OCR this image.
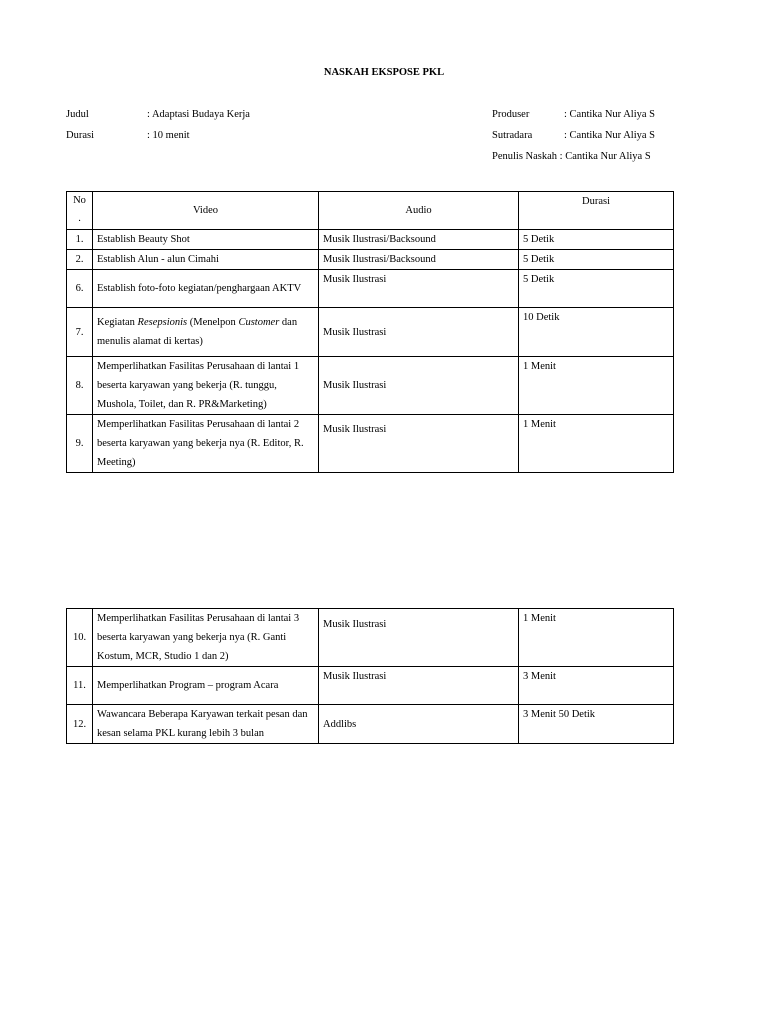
NASKAH EKSPOSE PKL
Judul	: Adaptasi Budaya Kerja
Durasi	: 10 menit
Produser	: Cantika Nur Aliya S
Sutradara	: Cantika Nur Aliya S
Penulis Naskah : Cantika Nur Aliya S
No
.	Video	Audio	Durasi
1.	Establish Beauty Shot	Musik Ilustrasi/Backsound	5 Detik
2.	Establish Alun - alun Cimahi	Musik Ilustrasi/Backsound	5 Detik
6.	Establish foto-foto kegiatan/penghargaan AKTV	Musik Ilustrasi	5 Detik
7.	Kegiatan Resepsionis (Menelpon Customer dan menulis alamat di kertas)	Musik Ilustrasi	10 Detik
8.	Memperlihatkan Fasilitas Perusahaan di lantai 1 beserta karyawan yang bekerja (R. tunggu, Mushola, Toilet, dan R. PR&Marketing)	Musik Ilustrasi	1 Menit
9.	Memperlihatkan Fasilitas Perusahaan di lantai 2 beserta karyawan yang bekerja nya (R. Editor, R. Meeting)	Musik Ilustrasi	1 Menit
10.	Memperlihatkan Fasilitas Perusahaan di lantai 3 beserta karyawan yang bekerja nya (R. Ganti Kostum, MCR, Studio 1 dan 2)	Musik Ilustrasi	1 Menit
11.	Memperlihatkan Program – program Acara	Musik Ilustrasi	3 Menit
12.	Wawancara Beberapa Karyawan terkait pesan dan kesan selama PKL kurang lebih 3 bulan	Addlibs	3 Menit 50 Detik
